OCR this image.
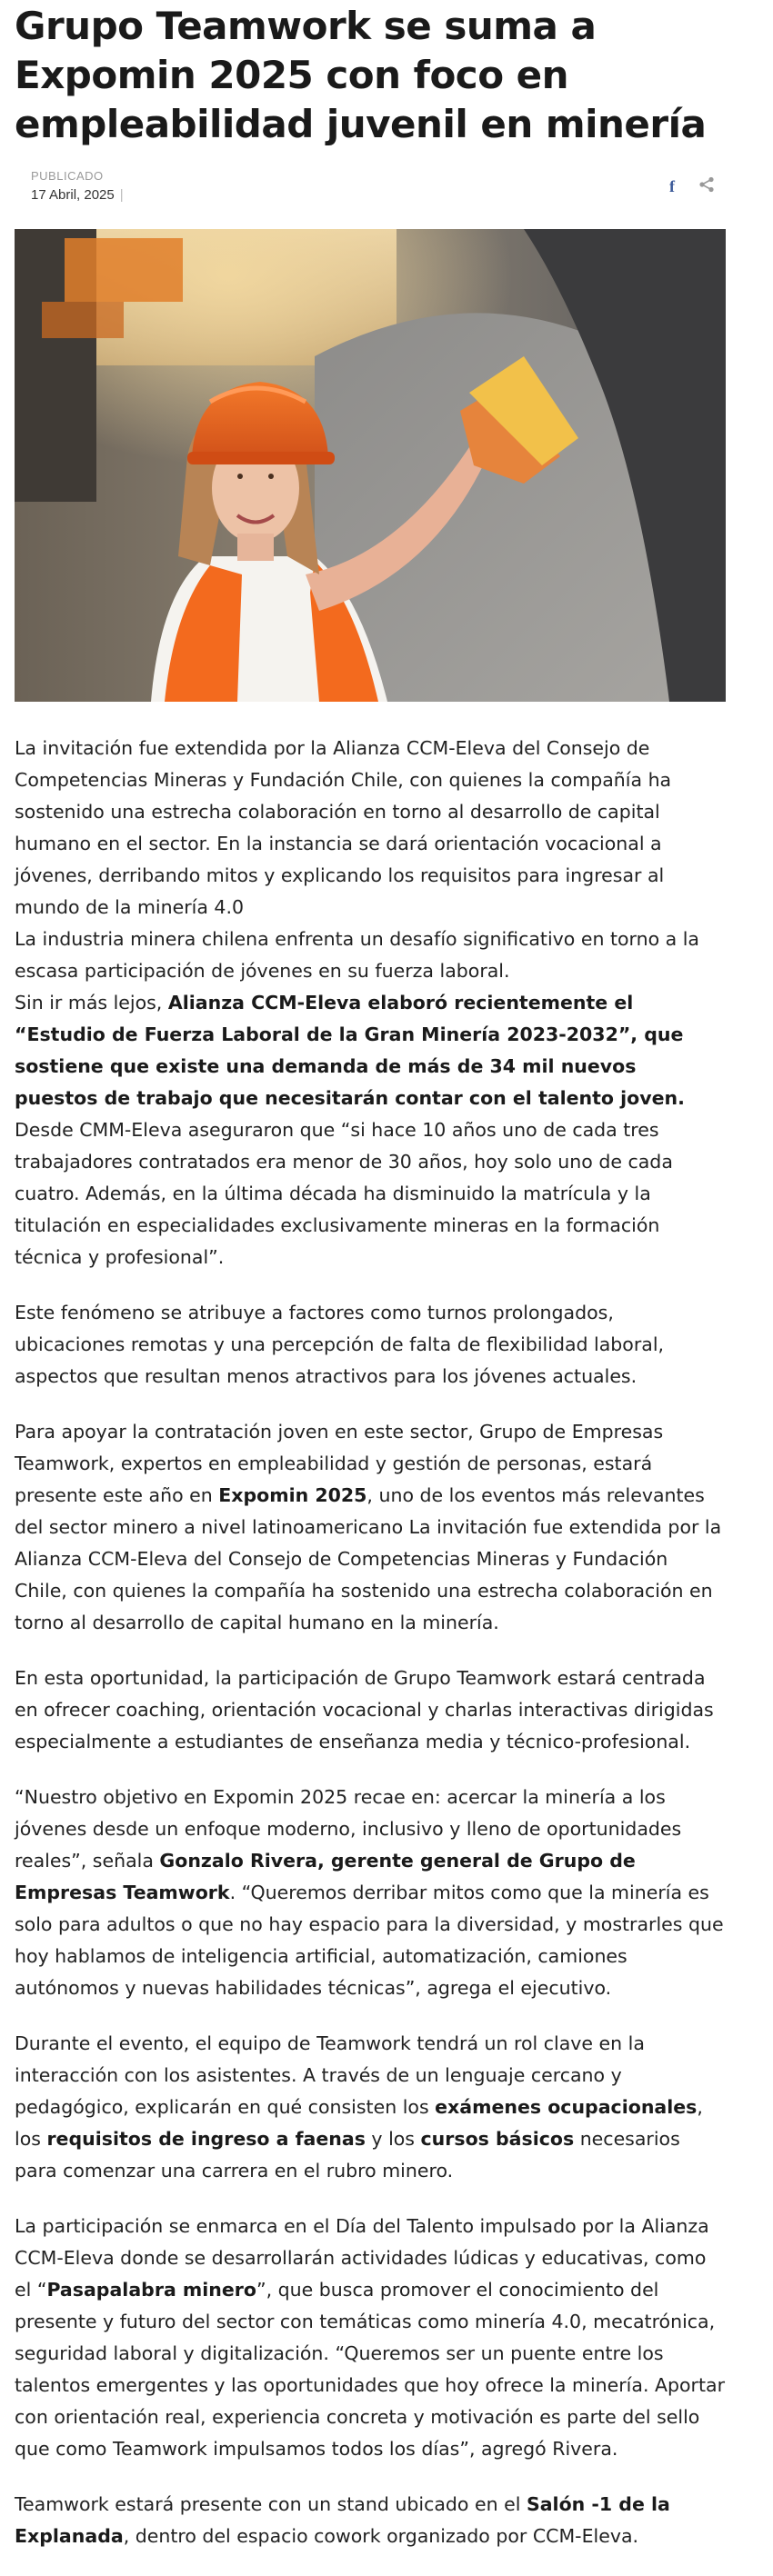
Grupo Teamwork se suma a Expomin 2025 con foco en empleabilidad juvenil en minería
PUBLICADO
17 Abril, 2025 |	f

La invitación fue extendida por la Alianza CCM-Eleva del Consejo de Competencias Mineras y Fundación Chile, con quienes la compañía ha sostenido una estrecha colaboración en torno al desarrollo de capital humano en el sector. En la instancia se dará orientación vocacional a jóvenes, derribando mitos y explicando los requisitos para ingresar al mundo de la minería 4.0
La industria minera chilena enfrenta un desafío significativo en torno a la escasa participación de jóvenes en su fuerza laboral.
Sin ir más lejos, Alianza CCM-Eleva elaboró recientemente el “Estudio de Fuerza Laboral de la Gran Minería 2023-2032”, que sostiene que existe una demanda de más de 34 mil nuevos puestos de trabajo que necesitarán contar con el talento joven. Desde CMM-Eleva aseguraron que “si hace 10 años uno de cada tres trabajadores contratados era menor de 30 años, hoy solo uno de cada cuatro. Además, en la última década ha disminuido la matrícula y la titulación en especialidades exclusivamente mineras en la formación técnica y profesional”.

Este fenómeno se atribuye a factores como turnos prolongados, ubicaciones remotas y una percepción de falta de flexibilidad laboral, aspectos que resultan menos atractivos para los jóvenes actuales.

Para apoyar la contratación joven en este sector, Grupo de Empresas Teamwork, expertos en empleabilidad y gestión de personas, estará presente este año en Expomin 2025, uno de los eventos más relevantes del sector minero a nivel latinoamericano La invitación fue extendida por la Alianza CCM-Eleva del Consejo de Competencias Mineras y Fundación Chile, con quienes la compañía ha sostenido una estrecha colaboración en torno al desarrollo de capital humano en la minería.

En esta oportunidad, la participación de Grupo Teamwork estará centrada en ofrecer coaching, orientación vocacional y charlas interactivas dirigidas especialmente a estudiantes de enseñanza media y técnico-profesional.

“Nuestro objetivo en Expomin 2025 recae en: acercar la minería a los jóvenes desde un enfoque moderno, inclusivo y lleno de oportunidades reales”, señala Gonzalo Rivera, gerente general de Grupo de Empresas Teamwork. “Queremos derribar mitos como que la minería es solo para adultos o que no hay espacio para la diversidad, y mostrarles que hoy hablamos de inteligencia artificial, automatización, camiones autónomos y nuevas habilidades técnicas”, agrega el ejecutivo.

Durante el evento, el equipo de Teamwork tendrá un rol clave en la interacción con los asistentes. A través de un lenguaje cercano y pedagógico, explicarán en qué consisten los exámenes ocupacionales, los requisitos de ingreso a faenas y los cursos básicos necesarios para comenzar una carrera en el rubro minero.

La participación se enmarca en el Día del Talento impulsado por la Alianza CCM-Eleva donde se desarrollarán actividades lúdicas y educativas, como el “Pasapalabra minero”, que busca promover el conocimiento del presente y futuro del sector con temáticas como minería 4.0, mecatrónica, seguridad laboral y digitalización. “Queremos ser un puente entre los talentos emergentes y las oportunidades que hoy ofrece la minería. Aportar con orientación real, experiencia concreta y motivación es parte del sello que como Teamwork impulsamos todos los días”, agregó Rivera.

Teamwork estará presente con un stand ubicado en el Salón -1 de la Explanada, dentro del espacio cowork organizado por CCM-Eleva.
